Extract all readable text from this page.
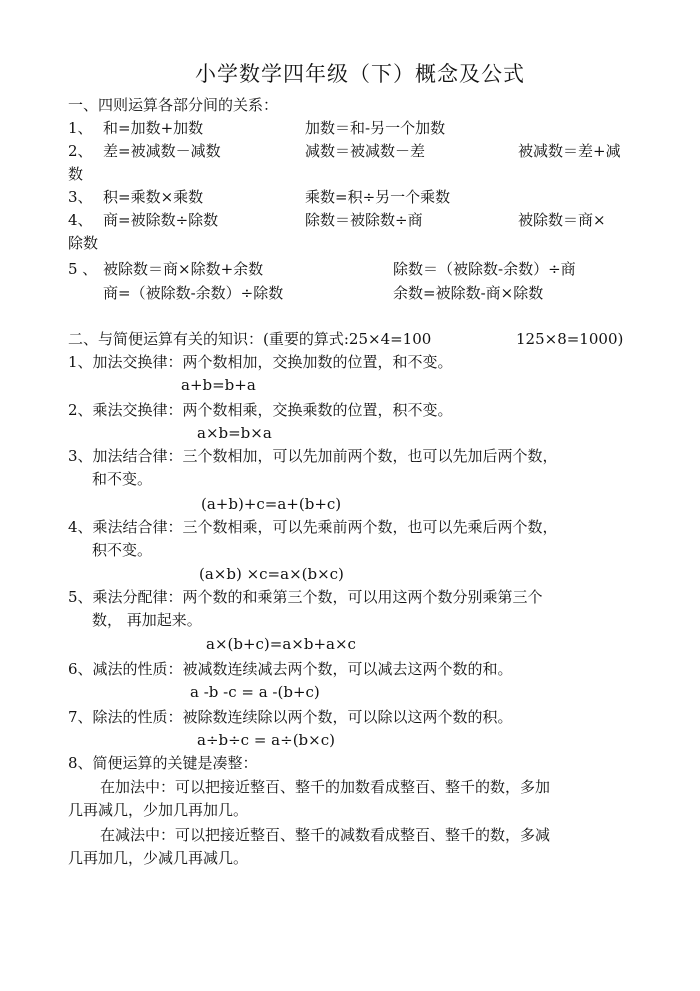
小学数学四年级（下）概念及公式
一、四则运算各部分间的关系：
1、 和=加数+加数	加数＝和-另一个加数
2、 差=被减数－减数	减数＝被减数－差	被减数＝差+减
数
3、 积=乘数×乘数	乘数=积÷另一个乘数
4、 商=被除数÷除数	除数＝被除数÷商	被除数＝商×
除数
5 、 被除数＝商×除数+余数	除数＝（被除数-余数）÷商
商=（被除数-余数）÷除数	余数=被除数-商×除数
二、与简便运算有关的知识：(重要的算式:25×4=100	125×8=1000)
1、加法交换律：两个数相加，交换加数的位置，和不变。
a+b=b+a
2、乘法交换律：两个数相乘，交换乘数的位置，积不变。
a×b=b×a
3、加法结合律：三个数相加，可以先加前两个数，也可以先加后两个数，
和不变。
(a+b)+c=a+(b+c)
4、乘法结合律：三个数相乘，可以先乘前两个数，也可以先乘后两个数，
积不变。
(a×b) ×c=a×(b×c)
5、乘法分配律：两个数的和乘第三个数，可以用这两个数分别乘第三个
数， 再加起来。
a×(b+c)=a×b+a×c
6、减法的性质：被减数连续减去两个数，可以减去这两个数的和。
a -b -c = a -(b+c)
7、除法的性质：被除数连续除以两个数，可以除以这两个数的积。
a÷b÷c = a÷(b×c)
8、简便运算的关键是凑整：
在加法中：可以把接近整百、整千的加数看成整百、整千的数，多加
几再减几，少加几再加几。
在减法中：可以把接近整百、整千的减数看成整百、整千的数，多减
几再加几，少减几再减几。
